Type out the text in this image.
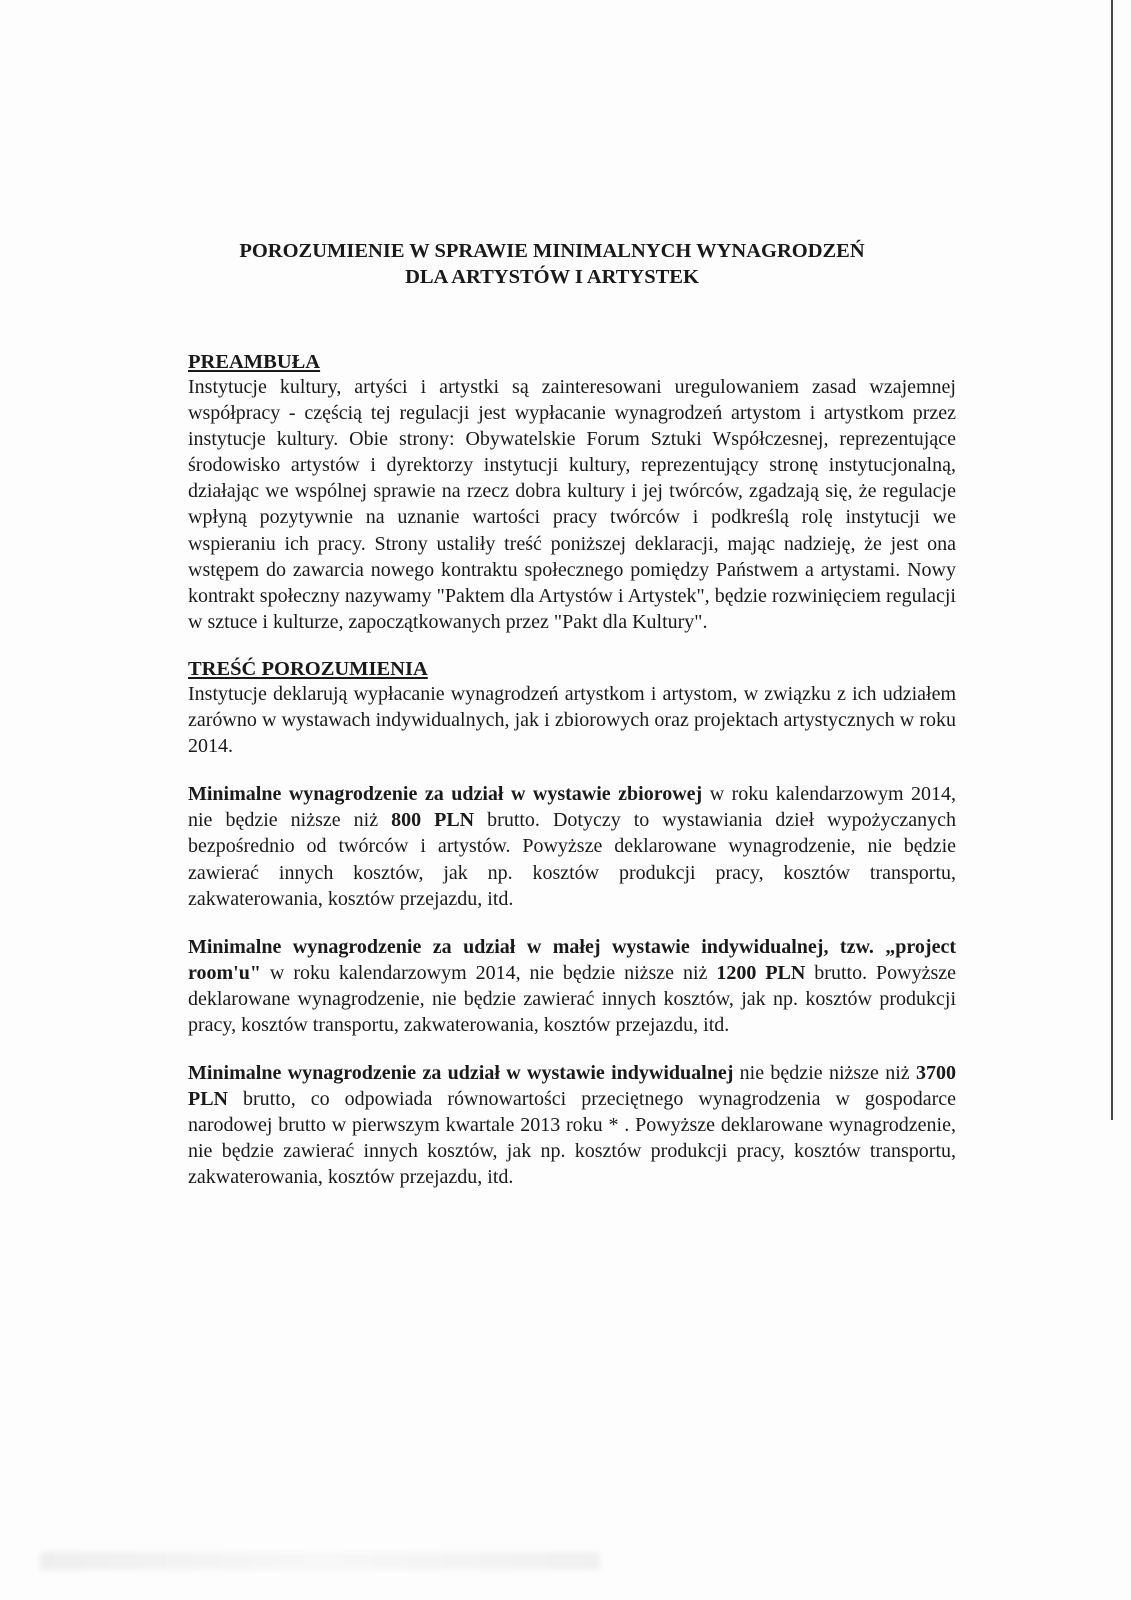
POROZUMIENIE W SPRAWIE MINIMALNYCH WYNAGRODZEŃ
DLA ARTYSTÓW I ARTYSTEK

PREAMBUŁA

Instytucje kultury, artyści i artystki są zainteresowani uregulowaniem zasad wzajemnej współpracy - częścią tej regulacji jest wypłacanie wynagrodzeń artystom i artystkom przez instytucje kultury. Obie strony: Obywatelskie Forum Sztuki Współczesnej, reprezentujące środowisko artystów i dyrektorzy instytucji kultury, reprezentujący stronę instytucjonalną, działając we wspólnej sprawie na rzecz dobra kultury i jej twórców, zgadzają się, że regulacje wpłyną pozytywnie na uznanie wartości pracy twórców i podkreślą rolę instytucji we wspieraniu ich pracy. Strony ustaliły treść poniższej deklaracji, mając nadzieję, że jest ona wstępem do zawarcia nowego kontraktu społecznego pomiędzy Państwem a artystami. Nowy kontrakt społeczny nazywamy "Paktem dla Artystów i Artystek", będzie rozwinięciem regulacji w sztuce i kulturze, zapoczątkowanych przez "Pakt dla Kultury".

TREŚĆ POROZUMIENIA

Instytucje deklarują wypłacanie wynagrodzeń artystkom i artystom, w związku z ich udziałem zarówno w wystawach indywidualnych, jak i zbiorowych oraz projektach artystycznych w roku 2014.

Minimalne wynagrodzenie za udział w wystawie zbiorowej w roku kalendarzowym 2014, nie będzie niższe niż 800 PLN brutto. Dotyczy to wystawiania dzieł wypożyczanych bezpośrednio od twórców i artystów. Powyższe deklarowane wynagrodzenie, nie będzie zawierać innych kosztów, jak np. kosztów produkcji pracy, kosztów transportu, zakwaterowania, kosztów przejazdu, itd.

Minimalne wynagrodzenie za udział w małej wystawie indywidualnej, tzw. „project room'u" w roku kalendarzowym 2014, nie będzie niższe niż 1200 PLN brutto. Powyższe deklarowane wynagrodzenie, nie będzie zawierać innych kosztów, jak np. kosztów produkcji pracy, kosztów transportu, zakwaterowania, kosztów przejazdu, itd.

Minimalne wynagrodzenie za udział w wystawie indywidualnej nie będzie niższe niż 3700 PLN brutto, co odpowiada równowartości przeciętnego wynagrodzenia w gospodarce narodowej brutto w pierwszym kwartale 2013 roku * . Powyższe deklarowane wynagrodzenie, nie będzie zawierać innych kosztów, jak np. kosztów produkcji pracy, kosztów transportu, zakwaterowania, kosztów przejazdu, itd.
